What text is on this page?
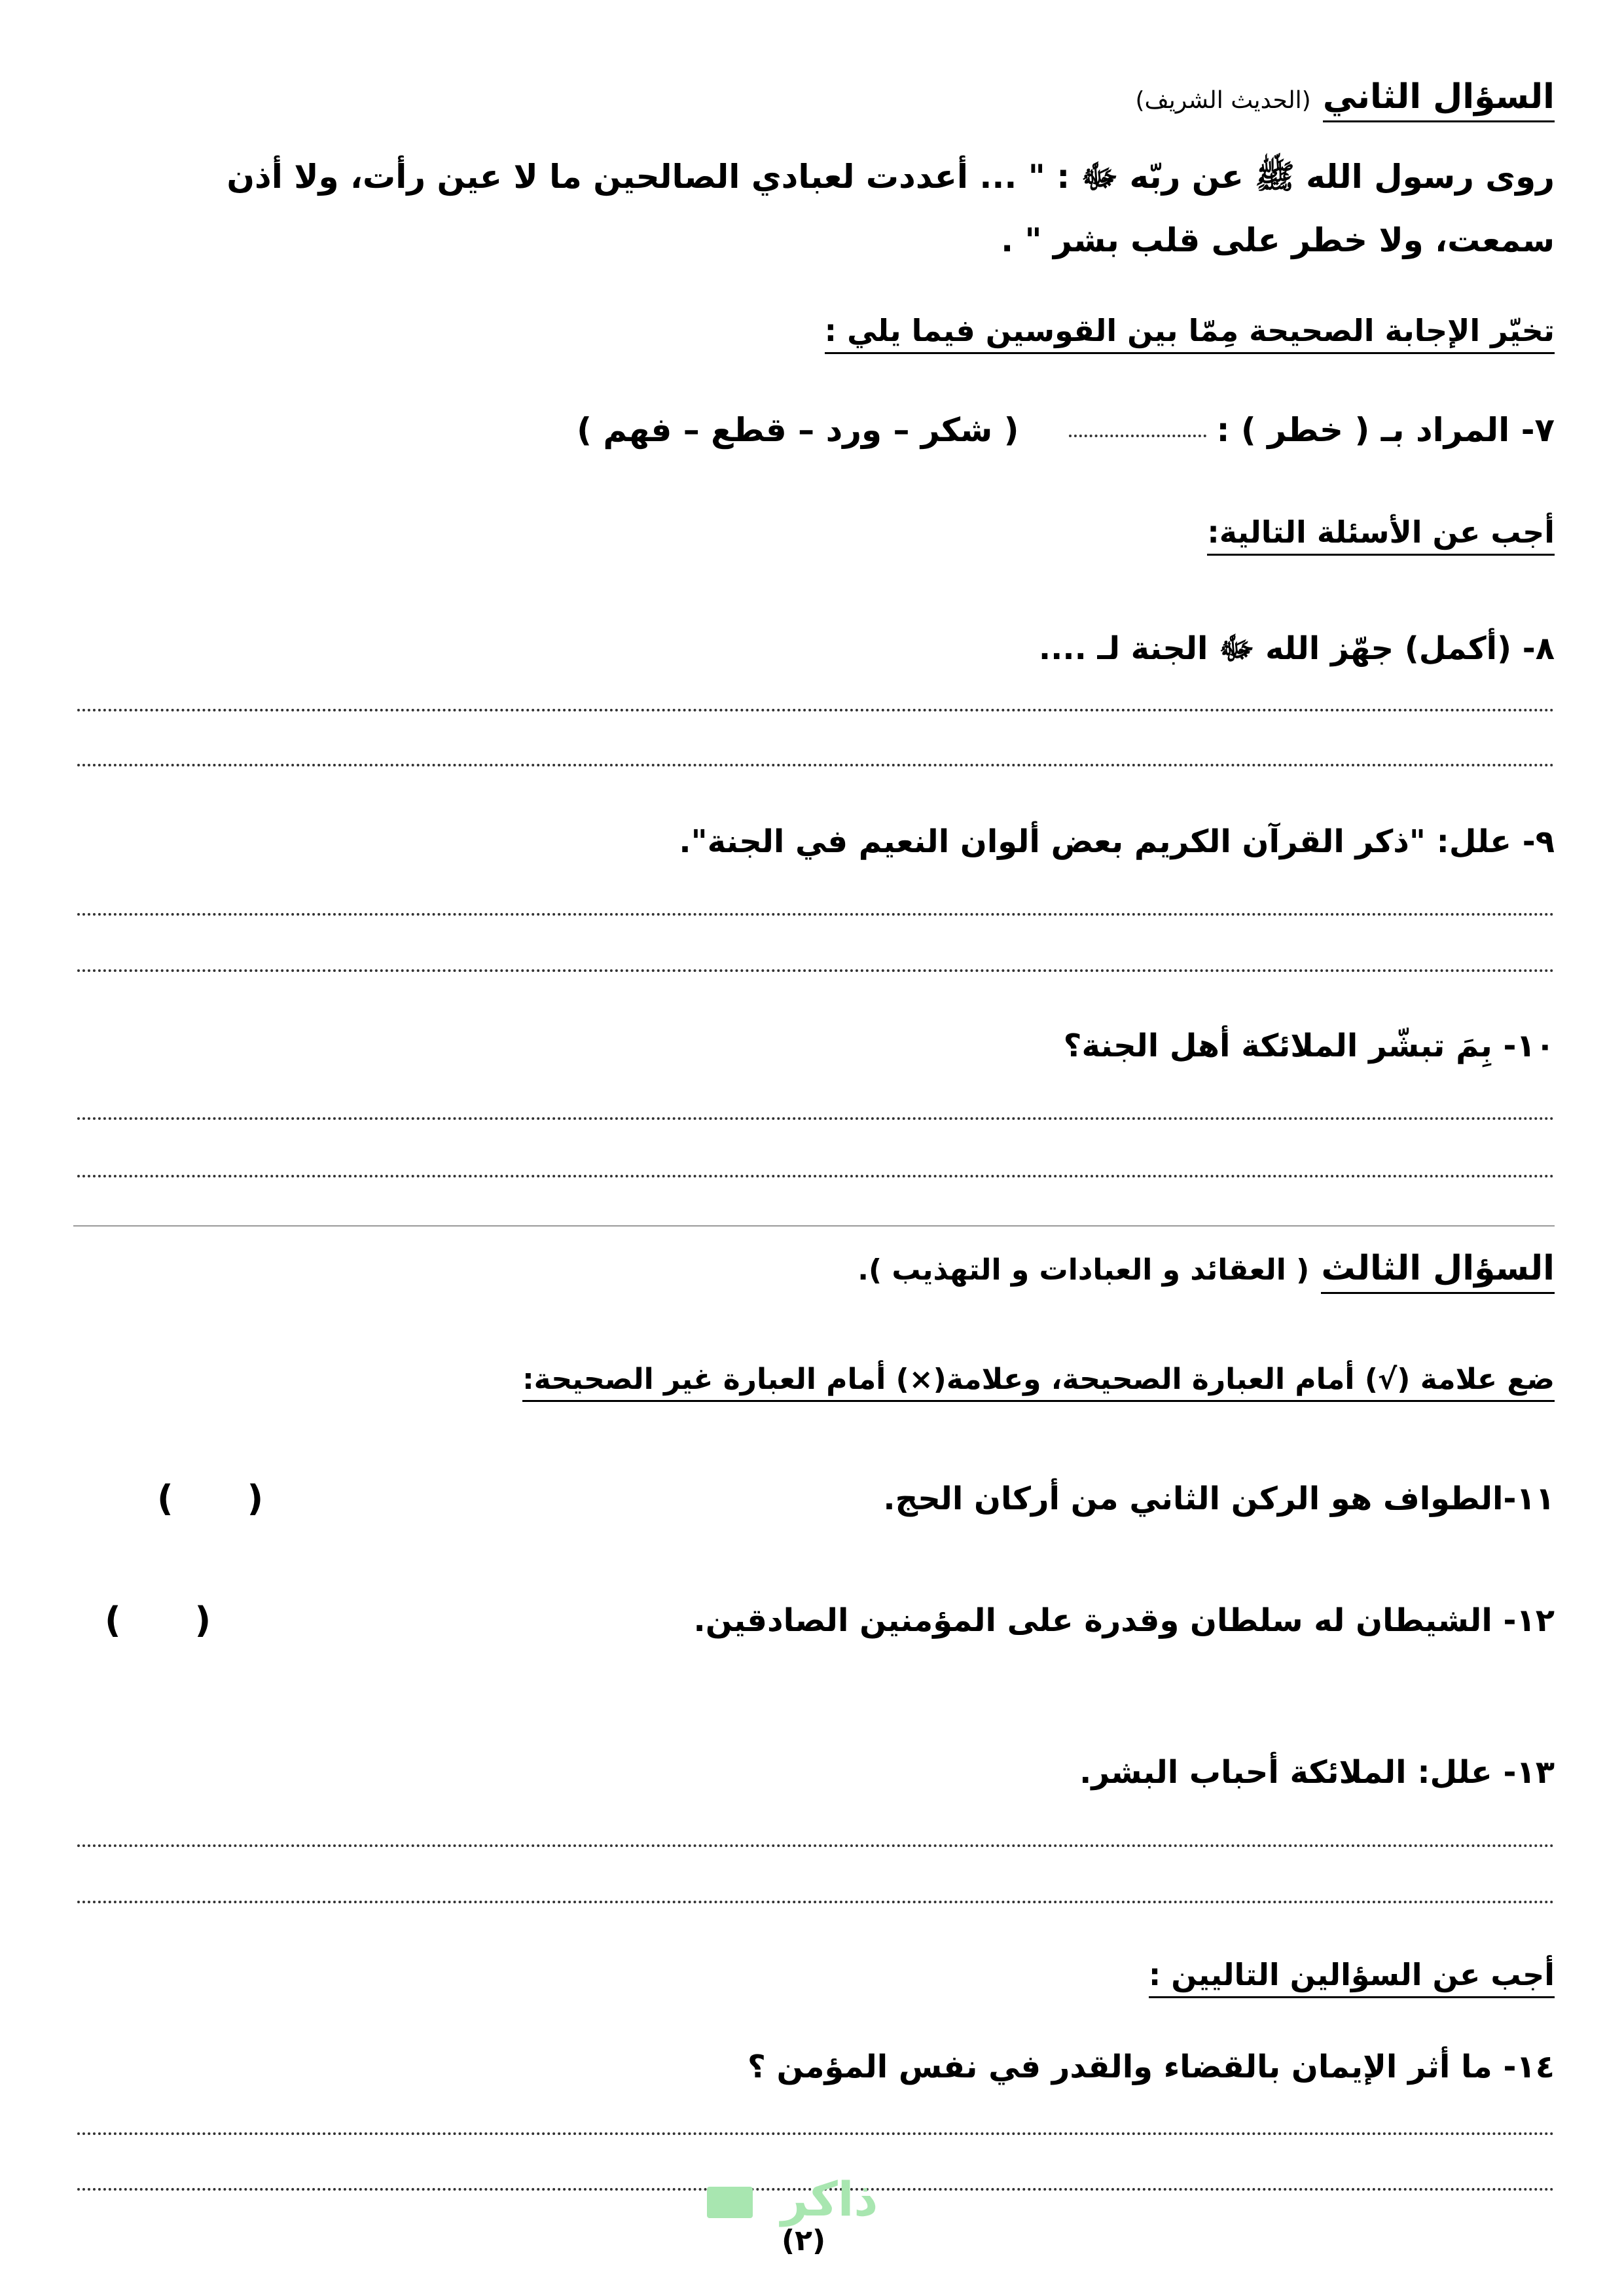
السؤال الثاني (الحديث الشريف)
روى رسول الله ﷺ عن ربّه ﷻ : " ... أعددت لعبادي الصالحين ما لا عين رأت، ولا أذن
سمعت، ولا خطر على قلب بشر " .
تخيّر الإجابة الصحيحة مِمّا بين القوسين فيما يلي :
٧- المراد بـ ( خطر ) :( شكر – ورد – قطع – فهم )
أجب عن الأسئلة التالية:
٨- (أكمل) جهّز الله ﷻ الجنة لـ ....
٩- علل: "ذكر القرآن الكريم بعض ألوان النعيم في الجنة".
١٠- بِمَ تبشّر الملائكة أهل الجنة؟
السؤال الثالث ( العقائد و العبادات و التهذيب ).
ضع علامة (√) أمام العبارة الصحيحة، وعلامة(×) أمام العبارة غير الصحيحة:
١١-الطواف هو الركن الثاني من أركان الحج.
(      )
١٢- الشيطان له سلطان وقدرة على المؤمنين الصادقين.
(      )
١٣- علل: الملائكة أحباب البشر.
أجب عن السؤالين التاليين :
١٤- ما أثر الإيمان بالقضاء والقدر في نفس المؤمن ؟
ذاكر
(٢)
